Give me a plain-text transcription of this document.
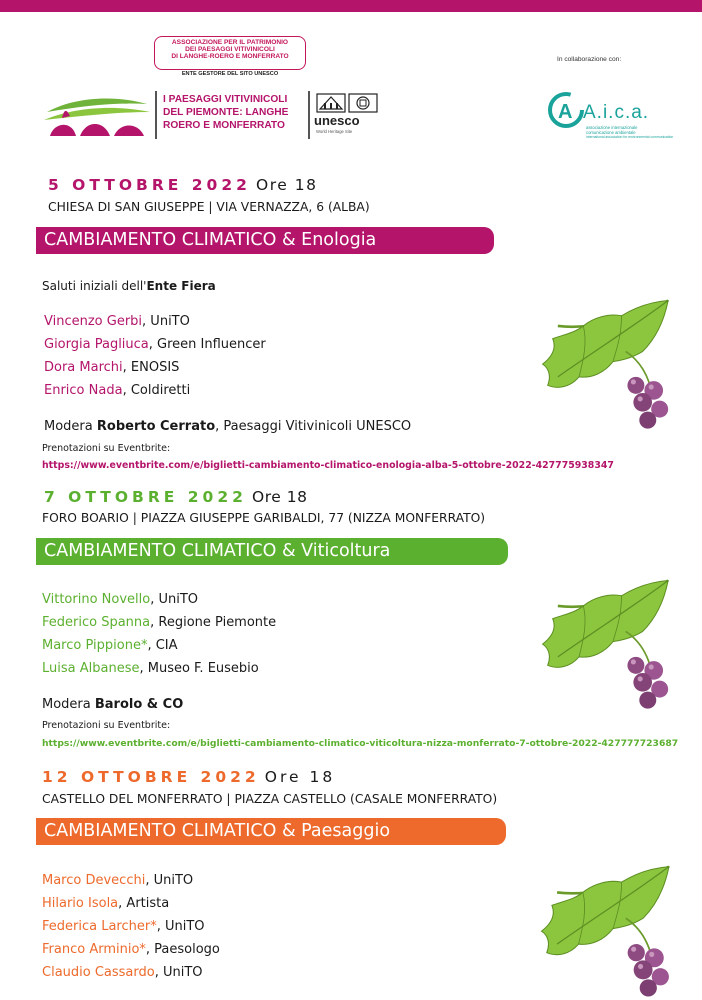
ASSOCIAZIONE PER IL PATRIMONIO
DEI PAESAGGI VITIVINICOLI
DI LANGHE-ROERO E MONFERRATO
ENTE GESTORE DEL SITO UNESCO
In collaborazione con:
I PAESAGGI VITIVINICOLI
DEL PIEMONTE: LANGHE
ROERO E MONFERRATO unesco
World Heritage Site
A A.i.c.a.
associazione internazionale
comunicazione ambientale
international association for environmental communication
5 OTTOBRE 2022 Ore 18
CHIESA DI SAN GIUSEPPE | VIA VERNAZZA, 6 (ALBA)
CAMBIAMENTO CLIMATICO & Enologia
Saluti iniziali dell'Ente Fiera
Vincenzo Gerbi, UniTO
Giorgia Pagliuca, Green Influencer
Dora Marchi, ENOSIS
Enrico Nada, Coldiretti
Modera Roberto Cerrato, Paesaggi Vitivinicoli UNESCO
Prenotazioni su Eventbrite:
https://www.eventbrite.com/e/biglietti-cambiamento-climatico-enologia-alba-5-ottobre-2022-427775938347
7 OTTOBRE 2022 Ore 18
FORO BOARIO | PIAZZA GIUSEPPE GARIBALDI, 77 (NIZZA MONFERRATO)
CAMBIAMENTO CLIMATICO & Viticoltura
Vittorino Novello, UniTO
Federico Spanna, Regione Piemonte
Marco Pippione*, CIA
Luisa Albanese, Museo F. Eusebio
Modera Barolo & CO
Prenotazioni su Eventbrite:
https://www.eventbrite.com/e/biglietti-cambiamento-climatico-viticoltura-nizza-monferrato-7-ottobre-2022-427777723687
12 OTTOBRE 2022 Ore 18
CASTELLO DEL MONFERRATO | PIAZZA CASTELLO (CASALE MONFERRATO)
CAMBIAMENTO CLIMATICO & Paesaggio
Marco Devecchi, UniTO
Hilario Isola, Artista
Federica Larcher*, UniTO
Franco Arminio*, Paesologo
Claudio Cassardo, UniTO
